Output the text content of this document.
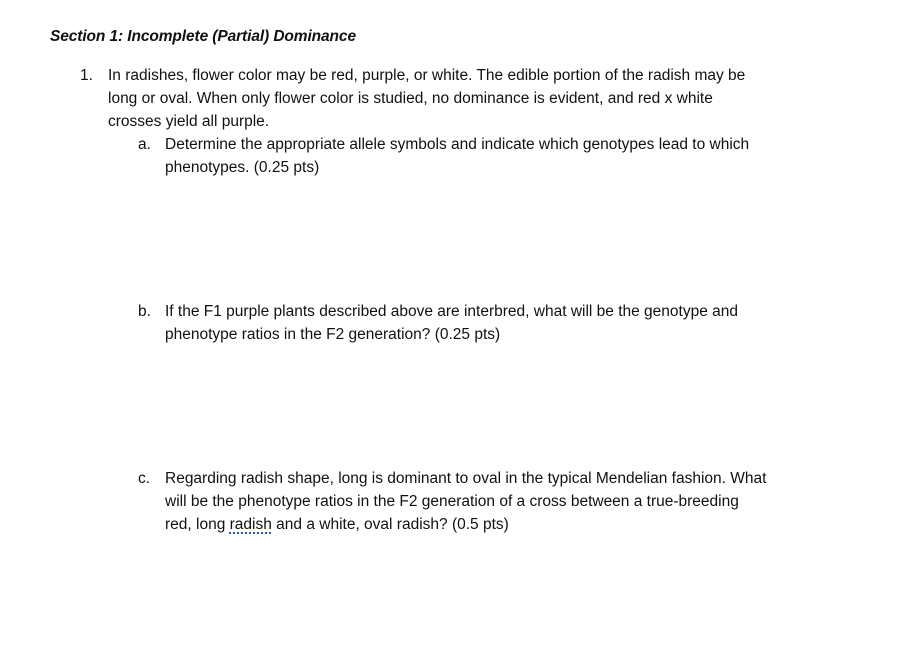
Section 1: Incomplete (Partial) Dominance
1. In radishes, flower color may be red, purple, or white. The edible portion of the radish may be
long or oval. When only flower color is studied, no dominance is evident, and red x white
crosses yield all purple.
a. Determine the appropriate allele symbols and indicate which genotypes lead to which
phenotypes. (0.25 pts)
b. If the F1 purple plants described above are interbred, what will be the genotype and
phenotype ratios in the F2 generation? (0.25 pts)
c. Regarding radish shape, long is dominant to oval in the typical Mendelian fashion. What
will be the phenotype ratios in the F2 generation of a cross between a true-breeding
red, long radish and a white, oval radish? (0.5 pts)
